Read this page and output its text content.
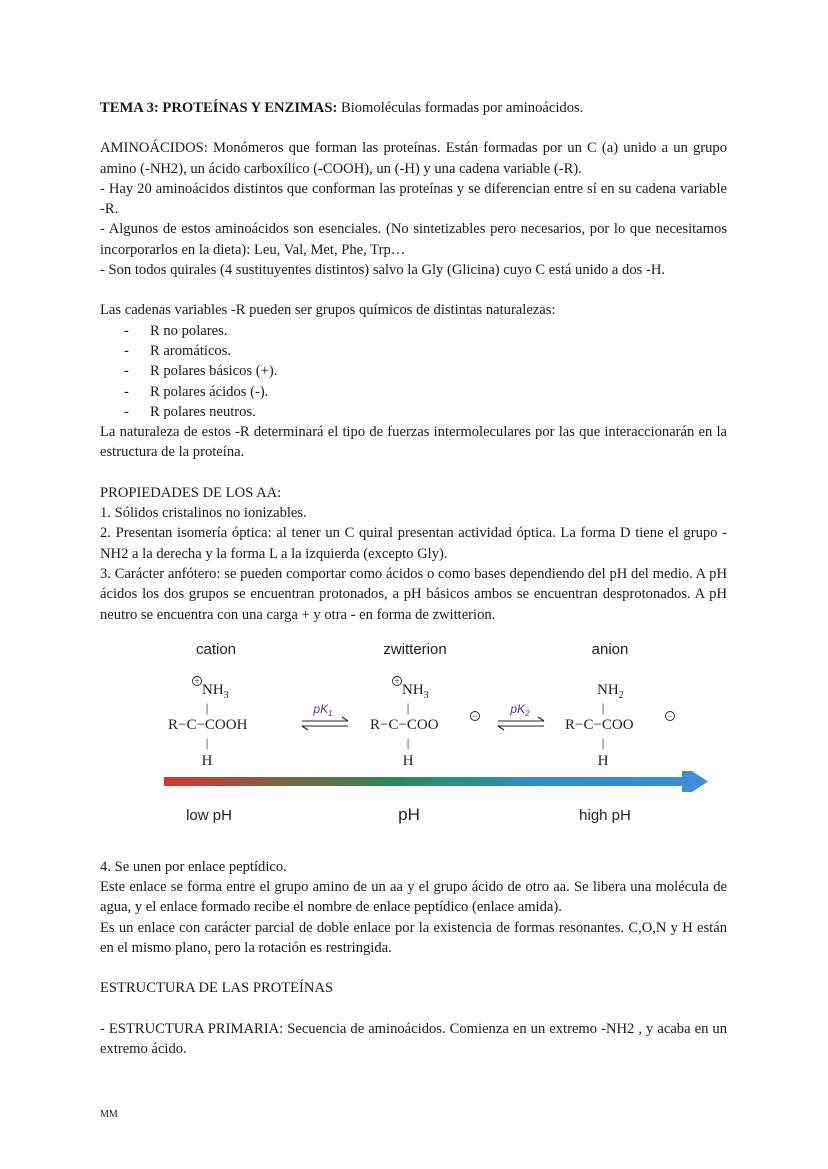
TEMA 3: PROTEÍNAS Y ENZIMAS: Biomoléculas formadas por aminoácidos.

AMINOÁCIDOS: Monómeros que forman las proteínas. Están formadas por un C (a) unido a un grupo amino (-NH2), un ácido carboxílico (-COOH), un (-H) y una cadena variable (-R).

- Hay 20 aminoácidos distintos que conforman las proteínas y se diferencian entre sí en su cadena variable -R.

- Algunos de estos aminoácidos son esenciales. (No sintetizables pero necesarios, por lo que necesitamos incorporarlos en la dieta): Leu, Val, Met, Phe, Trp…

- Son todos quirales (4 sustituyentes distintos) salvo la Gly (Glicina) cuyo C está unido a dos -H.

Las cadenas variables -R pueden ser grupos químicos de distintas naturalezas:

- R no polares.
- R aromáticos.
- R polares básicos (+).
- R polares ácidos (-).
- R polares neutros.

La naturaleza de estos -R determinará el tipo de fuerzas intermoleculares por las que interaccionarán en la estructura de la proteína.

PROPIEDADES DE LOS AA:

1. Sólidos cristalinos no ionizables.

2. Presentan isomería óptica: al tener un C quiral presentan actividad óptica. La forma D tiene el grupo -NH2 a la derecha y la forma L a la izquierda (excepto Gly).

3. Carácter anfótero: se pueden comportar como ácidos o como bases dependiendo del pH del medio. A pH ácidos los dos grupos se encuentran protonados, a pH básicos ambos se encuentran desprotonados. A pH neutro se encuentra con una carga + y otra - en forma de zwitterion.

cation	zwitterion	anion
+
$NH_3$
|
R−C−COOH
|
H
$pK_1$
+
$NH_3$
|
R−C−COO
−
|
H
$pK_2$
$NH_2$
|
R−C−COO
−
|
H
low pH	pH	high pH

4. Se unen por enlace peptídico.

Este enlace se forma entre el grupo amino de un aa y el grupo ácido de otro aa. Se libera una molécula de agua, y el enlace formado recibe el nombre de enlace peptídico (enlace amida).

Es un enlace con carácter parcial de doble enlace por la existencia de formas resonantes. C,O,N y H están en el mismo plano, pero la rotación es restringida.

ESTRUCTURA DE LAS PROTEÍNAS

- ESTRUCTURA PRIMARIA: Secuencia de aminoácidos. Comienza en un extremo -NH2 , y acaba en un extremo ácido.

MM
